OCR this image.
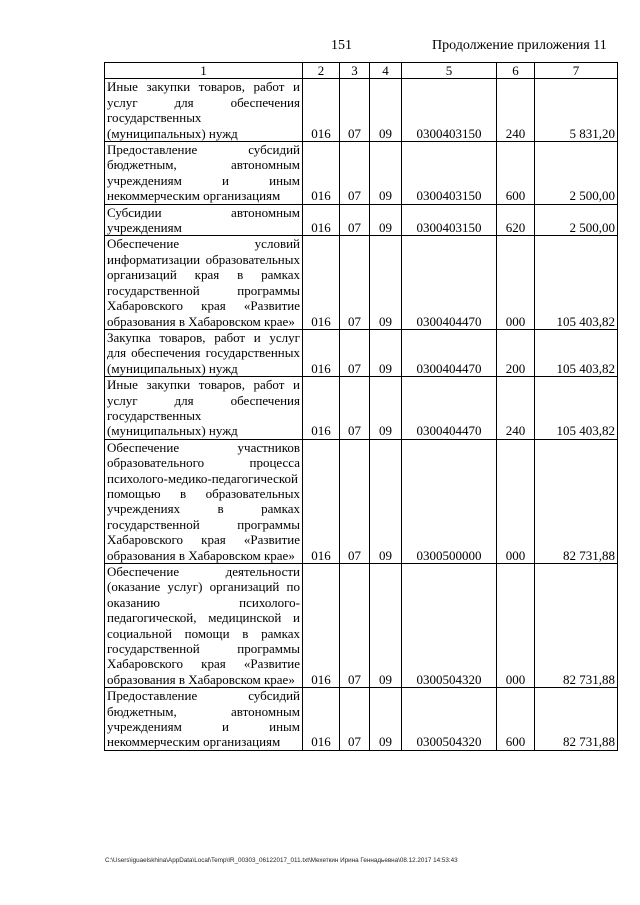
151	Продолжение приложения 11
1	2	3	4	5	6	7
Иные закупки товаров, работ и услуг для обеспечения государственных (муниципальных) нужд	016	07	09	0300403150	240	5 831,20
Предоставление субсидий бюджетным, автономным учреждениям и иным некоммерческим организациям	016	07	09	0300403150	600	2 500,00
Субсидии автономным учреждениям	016	07	09	0300403150	620	2 500,00
Обеспечение условий информатизации образовательных организаций края в рамках государственной программы Хабаровского края «Развитие образования в Хабаровском крае»	016	07	09	0300404470	000	105 403,82
Закупка товаров, работ и услуг для обеспечения государственных (муниципальных) нужд	016	07	09	0300404470	200	105 403,82
Иные закупки товаров, работ и услуг для обеспечения государственных (муниципальных) нужд	016	07	09	0300404470	240	105 403,82
Обеспечение участников образовательного процесса психолого-медико-педагогической помощью в образовательных учреждениях в рамках государственной программы Хабаровского края «Развитие образования в Хабаровском крае»	016	07	09	0300500000	000	82 731,88
Обеспечение деятельности (оказание услуг) организаций по оказанию психолого-педагогической, медицинской и социальной помощи в рамках государственной программы Хабаровского края «Развитие образования в Хабаровском крае»	016	07	09	0300504320	000	82 731,88
Предоставление субсидий бюджетным, автономным учреждениям и иным некоммерческим организациям	016	07	09	0300504320	600	82 731,88
C:\Users\iguaelskhina\AppData\Local\Temp\IR_00303_06122017_011.txt\Мехеткин Ирина Геннадьевна\08.12.2017 14:53:43
